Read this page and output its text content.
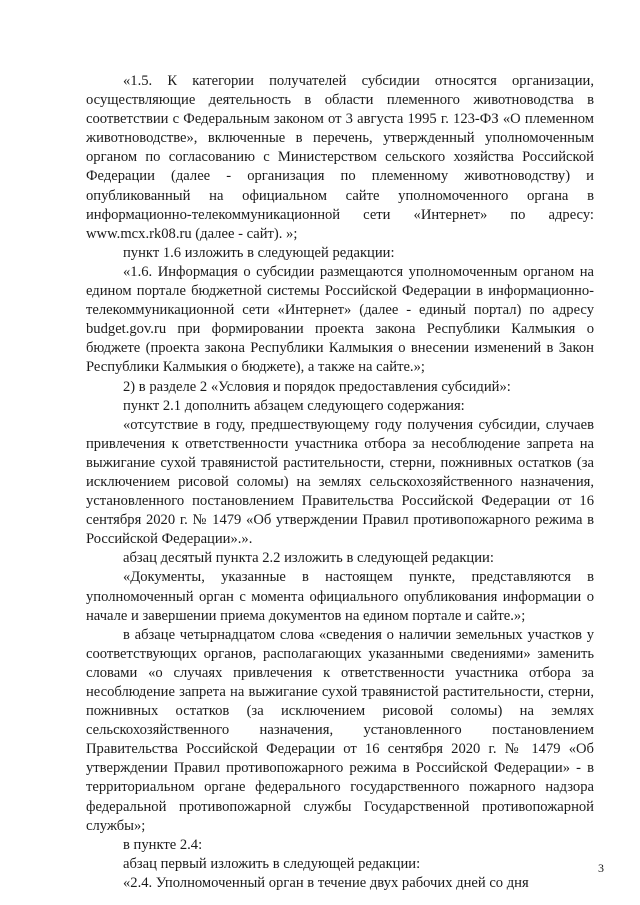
«1.5. К категории получателей субсидии относятся организации, осуществляющие деятельность в области племенного животноводства в соответствии с Федеральным законом от 3 августа 1995 г. 123-ФЗ «О племенном животноводстве», включенные в перечень, утвержденный уполномоченным органом по согласованию с Министерством сельского хозяйства Российской Федерации (далее - организация по племенному животноводству) и опубликованный на официальном сайте уполномоченного органа в информационно-телекоммуникационной сети «Интернет» по адресу: www.mcx.rk08.ru (далее - сайт). »;

пункт 1.6 изложить в следующей редакции:

«1.6. Информация о субсидии размещаются уполномоченным органом на едином портале бюджетной системы Российской Федерации в информационно-телекоммуникационной сети «Интернет» (далее - единый портал) по адресу budget.gov.ru при формировании проекта закона Республики Калмыкия о бюджете (проекта закона Республики Калмыкия о внесении изменений в Закон Республики Калмыкия о бюджете), а также на сайте.»;

2) в разделе 2 «Условия и порядок предоставления субсидий»:

пункт 2.1 дополнить абзацем следующего содержания:

«отсутствие в году, предшествующему году получения субсидии, случаев привлечения к ответственности участника отбора за несоблюдение запрета на выжигание сухой травянистой растительности, стерни, пожнивных остатков (за исключением рисовой соломы) на землях сельскохозяйственного назначения, установленного постановлением Правительства Российской Федерации от 16 сентября 2020 г. № 1479 «Об утверждении Правил противопожарного режима в Российской Федерации».».

абзац десятый пункта 2.2 изложить в следующей редакции:

«Документы, указанные в настоящем пункте, представляются в уполномоченный орган с момента официального опубликования информации о начале и завершении приема документов на едином портале и сайте.»;

в абзаце четырнадцатом слова «сведения о наличии земельных участков у соответствующих органов, располагающих указанными сведениями» заменить словами «о случаях привлечения к ответственности участника отбора за несоблюдение запрета на выжигание сухой травянистой растительности, стерни, пожнивных остатков (за исключением рисовой соломы) на землях сельскохозяйственного назначения, установленного постановлением Правительства Российской Федерации от 16 сентября 2020 г. № 1479 «Об утверждении Правил противопожарного режима в Российской Федерации» - в территориальном органе федерального государственного пожарного надзора федеральной противопожарной службы Государственной противопожарной службы»;

в пункте 2.4:

абзац первый изложить в следующей редакции:

«2.4. Уполномоченный орган в течение двух рабочих дней со дня

3
